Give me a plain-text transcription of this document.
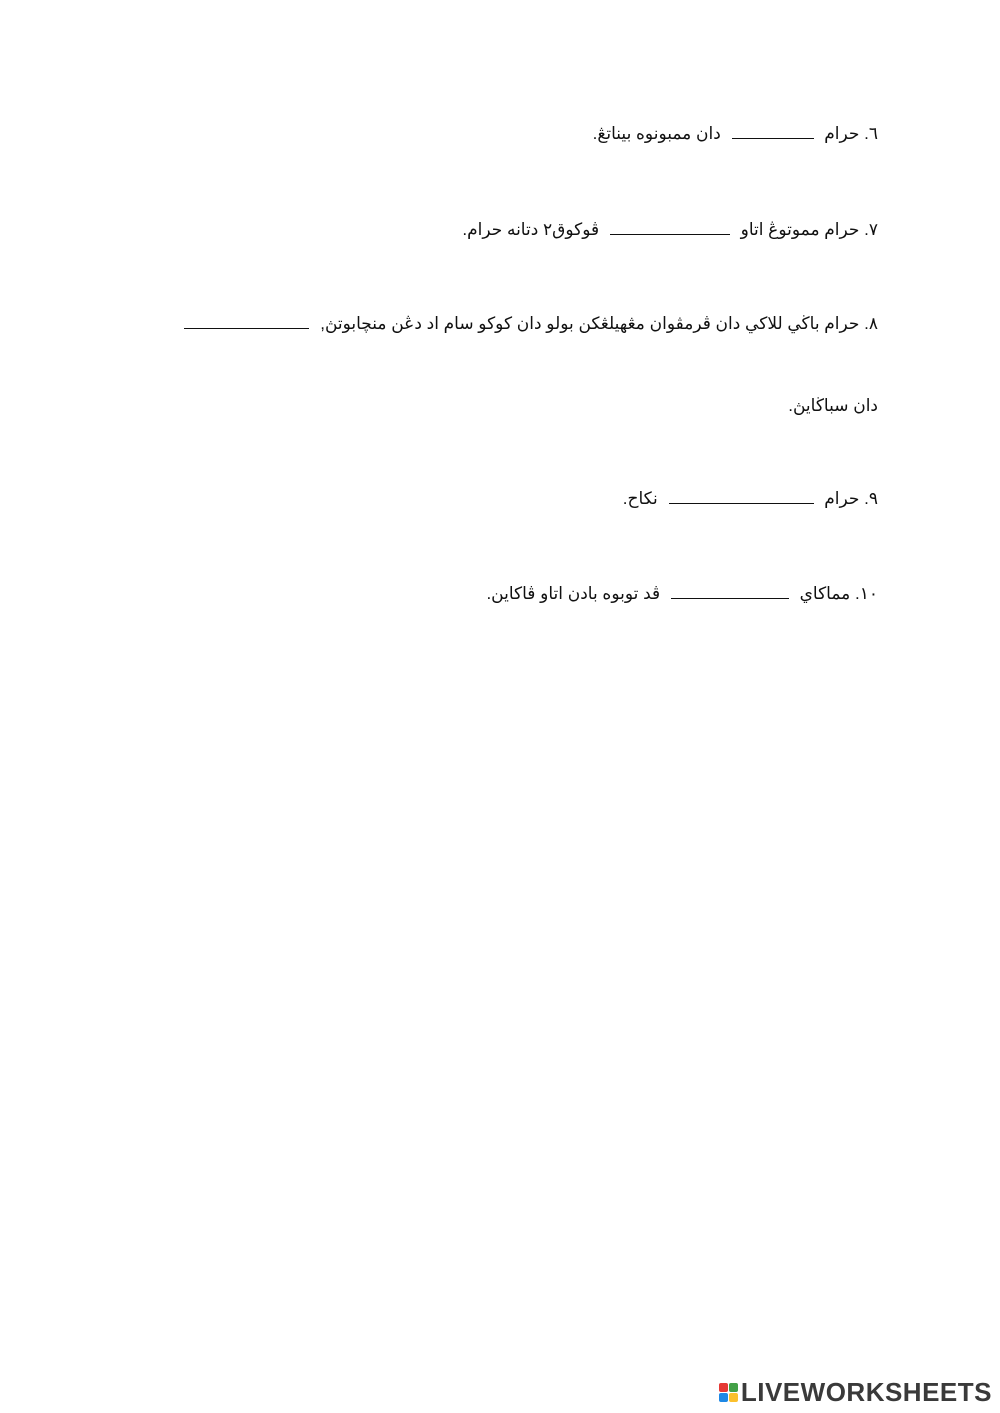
٦. حرام  دان ممبونوه بيناتڠ.
٧. حرام مموتوڠ اتاو  ڤوكوق٢ دتانه حرام.
٨. حرام باڬي للاكي دان ڤرمڤوان مڠهيلڠكن بولو دان كوكو سام اد دڠن منچابوتڽ,
دان سباڬايڽ.
٩. حرام  نكاح.
١٠. مماكاي  ڤد توبوه بادن اتاو ڤاكاين.
LIVEWORKSHEETS
